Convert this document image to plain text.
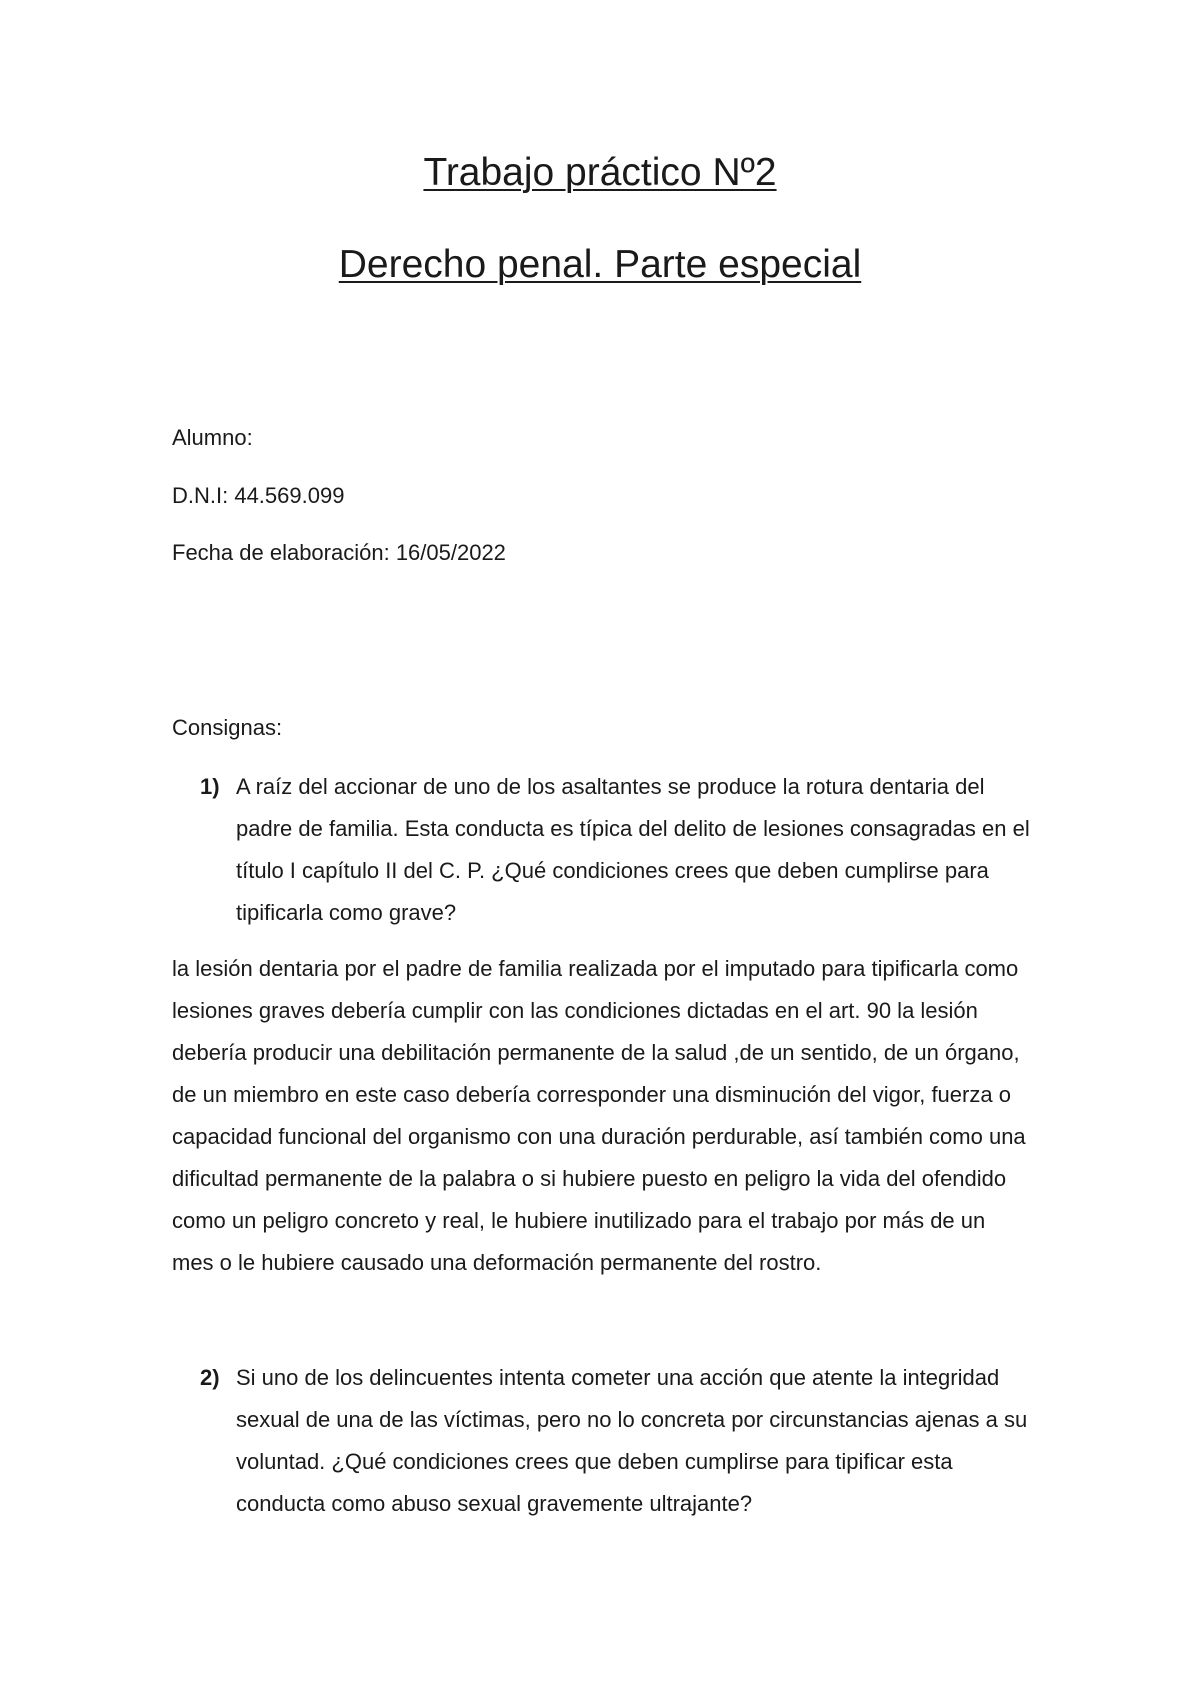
Trabajo práctico Nº2
Derecho penal. Parte especial

Alumno:

D.N.I: 44.569.099

Fecha de elaboración: 16/05/2022

Consignas:

1) A raíz del accionar de uno de los asaltantes se produce la rotura dentaria del padre de familia. Esta conducta es típica del delito de lesiones consagradas en el título I capítulo II del C. P. ¿Qué condiciones crees que deben cumplirse para tipificarla como grave?

la lesión dentaria por el padre de familia realizada por el imputado para tipificarla como lesiones graves debería cumplir con las condiciones dictadas en el art. 90 la lesión debería producir una debilitación permanente de la salud ,de un sentido, de un órgano, de un miembro en este caso debería corresponder una disminución del vigor, fuerza o capacidad funcional del organismo con una duración perdurable, así también como una dificultad permanente de la palabra o si hubiere puesto en peligro la vida del ofendido como un peligro concreto y real, le hubiere inutilizado para el trabajo por más de un mes o le hubiere causado una deformación permanente del rostro.

2) Si uno de los delincuentes intenta cometer una acción que atente la integridad sexual de una de las víctimas, pero no lo concreta por circunstancias ajenas a su voluntad. ¿Qué condiciones crees que deben cumplirse para tipificar esta conducta como abuso sexual gravemente ultrajante?
